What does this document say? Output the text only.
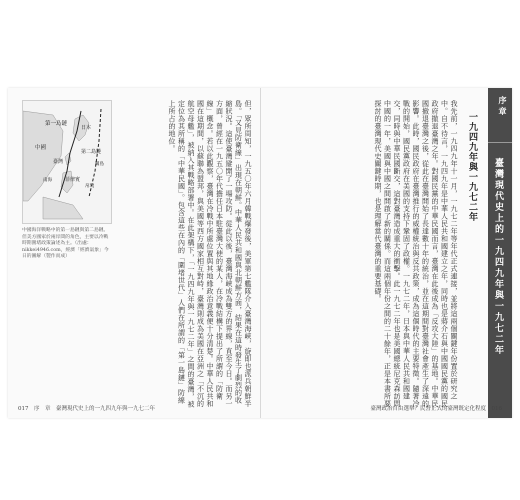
第一島鏈
第二島鏈
日本
中國
臺灣
菲律賓
關島
帛琉
南海
中國海洋戰略中的第一島鏈與第二島鏈。但美方國家於兩岸間的角色，主要以冷戰時期圍堵政策論述為主。（出處：nikkei4946.com，經濟「經濟氣象」今日的圖解（製作而成）	但，眾所周知，一九五〇年六月韓戰爆發後，美軍第七艦隊介入臺灣海峽，旋即也派兵朝鮮半島。「又見防衛線」出現在朝鮮。中華人民共和國與北朝鮮方面，結果在這時發生了劇烈的收縮狀況。這使臺灣避開了一場攻防。從此以後，臺灣海峽成為雙方的界線，直至今日。而另一方面，曾經在一九五〇年代擔任日本駐臺灣大使的某人，在冷戰結構下提出了所謂的「防衛線」概念。若以此觀察，臺灣在冷戰中所處位置與其地緣政治意義便十分清楚。中華人民共和國在這期間，以蘇聯為盟邦，與美國等西方國家相互對峙，臺灣則成為美國在亞洲之「不沉的航空母艦」，被納入其戰略部署中。在此架構下，「一九四九年與一九七二年」之間的臺灣，被定位為其所稱的「中華民國」。包含這些在內的「圍堵世代」人們在所謂的「第一島鏈」防線上所占的地位。
017　序　章　臺灣現代史上的一九四九年與一九七二年
序章
臺灣現代史上的一九四九年與一九七二年
一九四九年與一九七二年
我先前，一九四九年十一月，一九七二年等年代正式連接，並將這兩個關鍵年份置於研究之中。自不待言，一九四九年是中華人民共和國建立之年，同時也是蔣介石與中國國民黨的國民政府撤退臺灣之年。對國民黨的中華民國而言，臺灣在此後成為「反攻大陸」的基地。中華民國撤退臺灣之後，從此在臺灣開始了長達數十年的統治，並在這期間對臺灣社會產生了深遠的影響。此時，國民政府在臺灣推行的威權統治與反共政策，成為這個時代的主要特徵。隨著冷戰的開始，國民黨政府在美國的支持下鞏固了政權。一九七二年，日本與中華人民共和國建交，同時與中華民國斷交，這對臺灣造成重大的衝擊。此一九七二年也是美國總統尼克森訪問中國的一年，美國與中國之間開啟了新的關係。而這兩個年份之間的二十餘年，正是本書所要探討的臺灣現代史關鍵時期，也是理解當代臺灣的重要基礎。
臺灣政治自由選舉？民營正式的臺灣既定化程度　016
